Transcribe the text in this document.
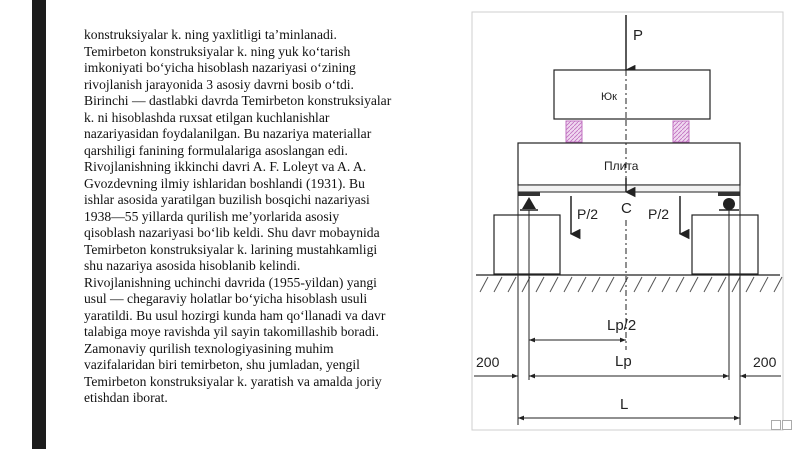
konstruksiyalar k. ning yaxlitligi ta’minlanadi.
Temirbeton konstruksiyalar k. ning yuk ko‘tarish
imkoniyati bo‘yicha hisoblash nazariyasi o‘zining
rivojlanish jarayonida 3 asosiy davrni bosib o‘tdi.
Birinchi — dastlabki davrda Temirbeton konstruksiyalar
k. ni hisoblashda ruxsat etilgan kuchlanishlar
nazariyasidan foydalanilgan. Bu nazariya materiallar
qarshiligi fanining formulalariga asoslangan edi.
Rivojlanishning ikkinchi davri A. F. Loleyt va A. A.
Gvozdevning ilmiy ishlaridan boshlandi (1931). Bu
ishlar asosida yaratilgan buzilish bosqichi nazariyasi
1938—55 yillarda qurilish me’yorlarida asosiy
qisoblash nazariyasi bo‘lib keldi. Shu davr mobaynida
Temirbeton konstruksiyalar k. larining mustahkamligi
shu nazariya asosida hisoblanib kelindi.
Rivojlanishning uchinchi davrida (1955-yildan) yangi
usul — chegaraviy holatlar bo‘yicha hisoblash usuli
yaratildi. Bu usul hozirgi kunda ham qo‘llanadi va davr
talabiga moye ravishda yil sayin takomillashib boradi.
Zamonaviy qurilish texnologiyasining muhim
vazifalaridan biri temirbeton, shu jumladan, yengil
Temirbeton konstruksiyalar k. yaratish va amalda joriy
etishdan iborat.
P
Юк
Плита
P/2	P/2
C
Lp/2
Lp
200	200
L
